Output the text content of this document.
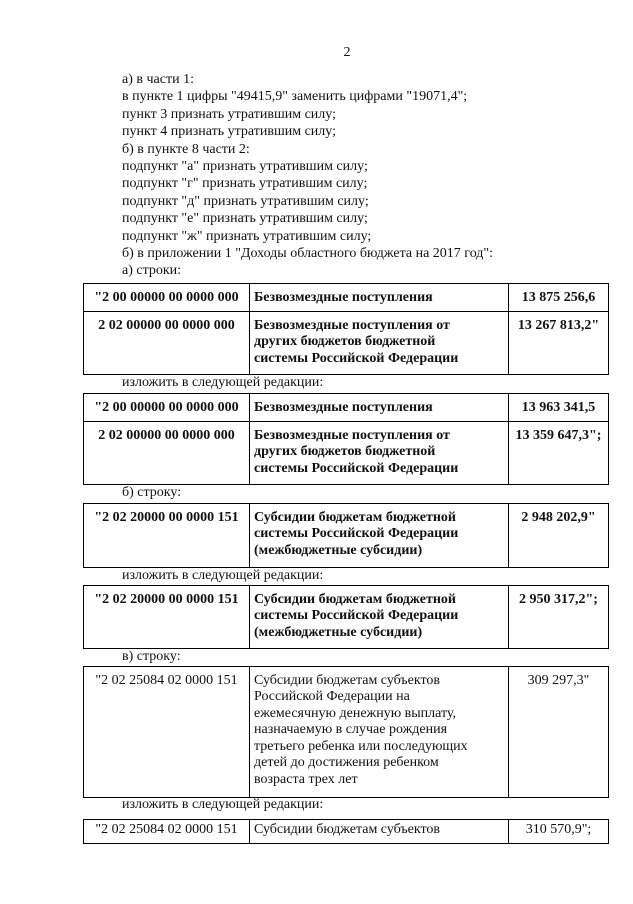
2
а) в части 1:
в пункте 1 цифры "49415,9" заменить цифрами "19071,4";
пункт 3 признать утратившим силу;
пункт 4 признать утратившим силу;
б) в пункте 8 части 2:
подпункт "а" признать утратившим силу;
подпункт "г" признать утратившим силу;
подпункт "д" признать утратившим силу;
подпункт "е" признать утратившим силу;
подпункт "ж" признать утратившим силу;
б) в приложении 1 "Доходы областного бюджета на 2017 год":
а) строки:
"2 00 00000 00 0000 000	Безвозмездные поступления	13 875 256,6
2 02 00000 00 0000 000	Безвозмездные поступления от
других бюджетов бюджетной
системы Российской Федерации	13 267 813,2"
изложить в следующей редакции:
"2 00 00000 00 0000 000	Безвозмездные поступления	13 963 341,5
2 02 00000 00 0000 000	Безвозмездные поступления от
других бюджетов бюджетной
системы Российской Федерации	13 359 647,3";
б) строку:
"2 02 20000 00 0000 151	Субсидии бюджетам бюджетной
системы Российской Федерации
(межбюджетные субсидии)	2 948 202,9"
изложить в следующей редакции:
"2 02 20000 00 0000 151	Субсидии бюджетам бюджетной
системы Российской Федерации
(межбюджетные субсидии)	2 950 317,2";
в) строку:
"2 02 25084 02 0000 151	Субсидии бюджетам субъектов
Российской Федерации на
ежемесячную денежную выплату,
назначаемую в случае рождения
третьего ребенка или последующих
детей до достижения ребенком
возраста трех лет	309 297,3"
изложить в следующей редакции:
"2 02 25084 02 0000 151	Субсидии бюджетам субъектов	310 570,9";
